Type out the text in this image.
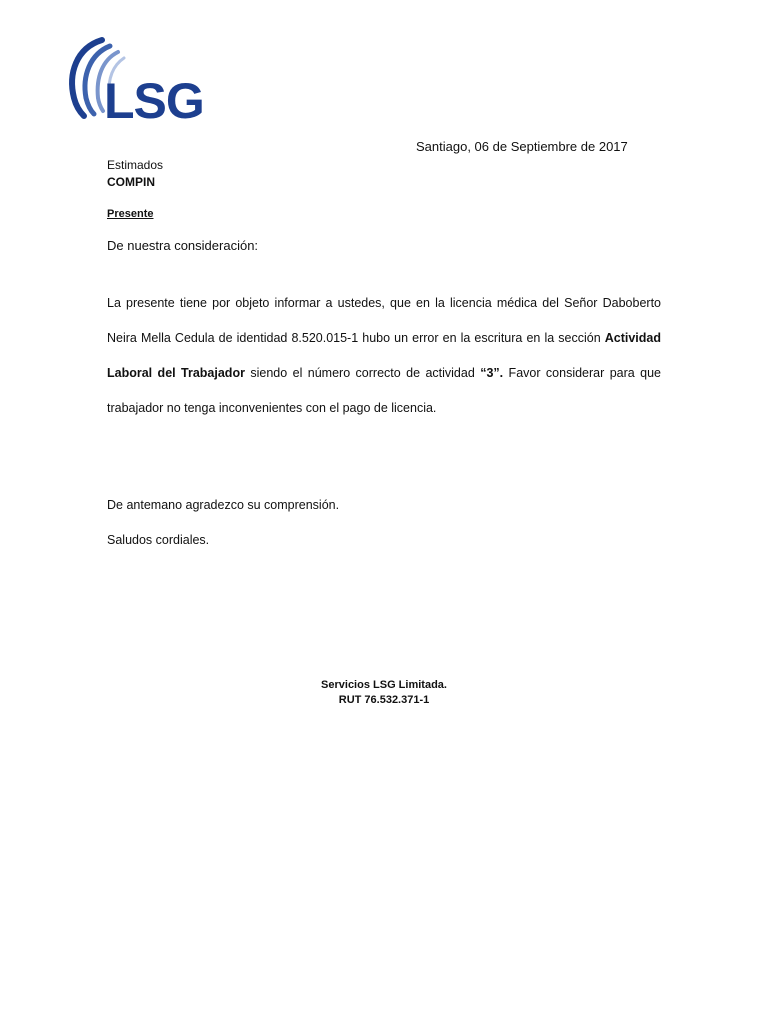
LSG
Santiago, 06 de Septiembre de 2017
Estimados
COMPIN
Presente
De nuestra consideración:
La presente tiene por objeto informar a ustedes, que en la licencia médica del Señor Daboberto Neira Mella Cedula de identidad 8.520.015-1 hubo un error en la escritura en la sección Actividad Laboral del Trabajador siendo el número correcto de actividad “3”. Favor considerar para que trabajador no tenga inconvenientes con el pago de licencia.
De antemano agradezco su comprensión.
Saludos cordiales.
Servicios LSG Limitada.
RUT 76.532.371-1
